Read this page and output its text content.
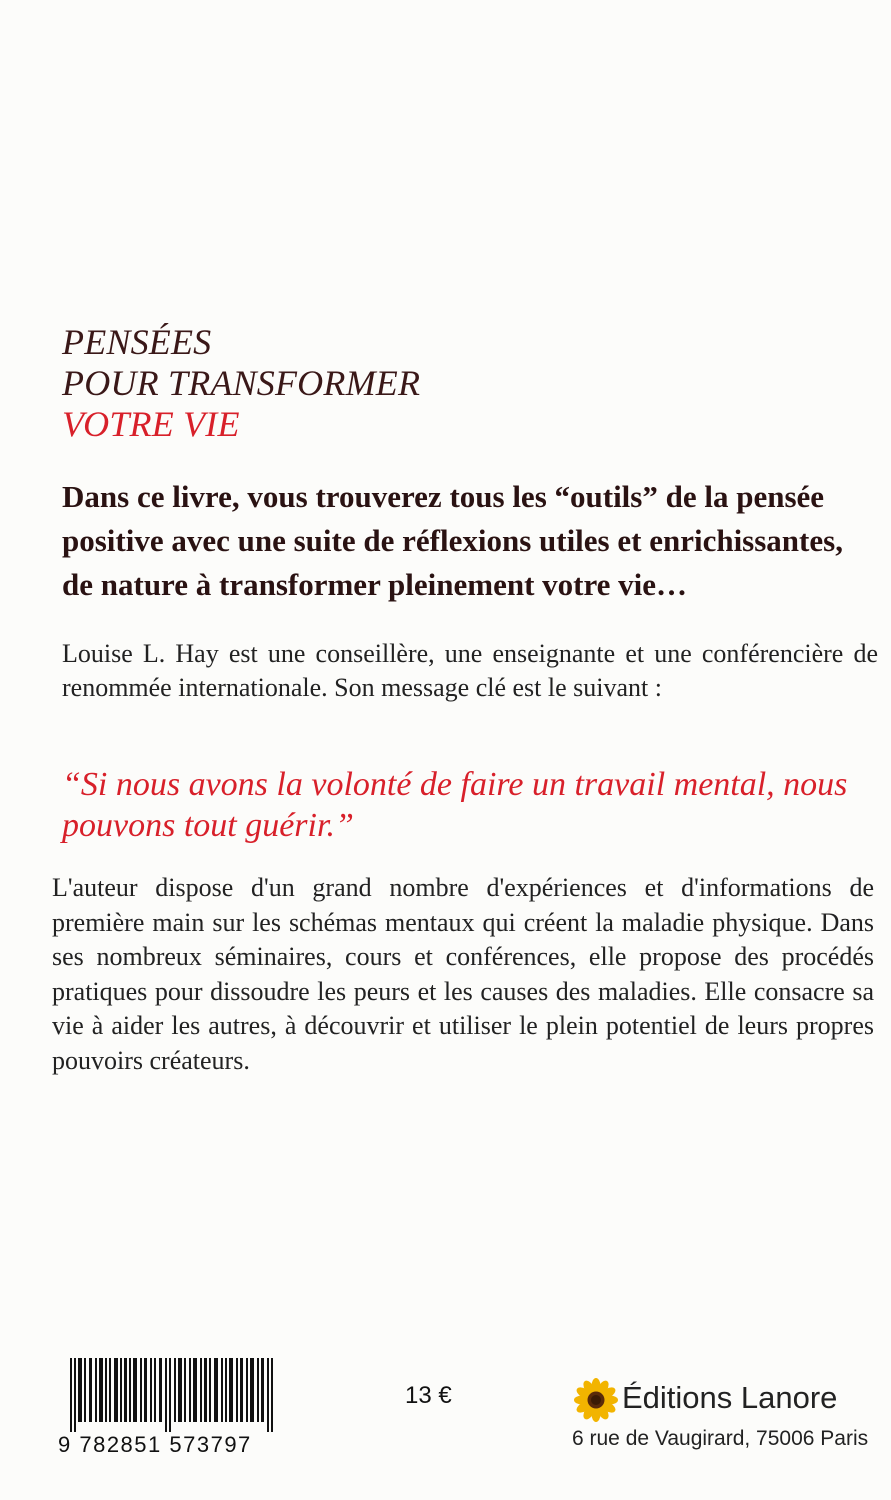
PENSÉES
POUR TRANSFORMER
VOTRE VIE

Dans ce livre, vous trouverez tous les “outils” de la pensée positive avec une suite de réflexions utiles et enrichissantes, de nature à transformer pleinement votre vie…

Louise L. Hay est une conseillère, une enseignante et une conférencière de renommée internationale. Son message clé est le suivant :

“Si nous avons la volonté de faire un travail mental, nous pouvons tout guérir.”

L'auteur dispose d'un grand nombre d'expériences et d'informations de première main sur les schémas mentaux qui créent la maladie physique. Dans ses nombreux séminaires, cours et conférences, elle propose des procédés pratiques pour dissoudre les peurs et les causes des maladies. Elle consacre sa vie à aider les autres, à découvrir et utiliser le plein potentiel de leurs propres pouvoirs créateurs.

9 782851 573797
13 €	Éditions Lanore
6 rue de Vaugirard, 75006 Paris
